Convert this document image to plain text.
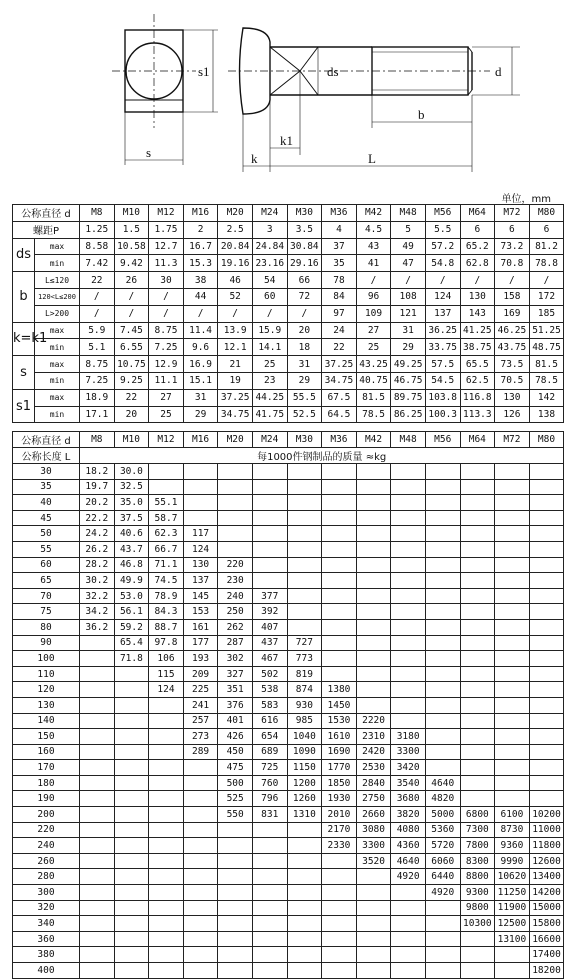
s
s1	ds	d
b
k
k1
L
单位，mm
公称直径 d		M8	M10	M12	M16	M20	M24	M30	M36	M42	M48	M56	M64	M72	M80
螺距P		1.25	1.5	1.75	2	2.5	3	3.5	4	4.5	5	5.5	6	6	6
ds	max	8.58	10.58	12.7	16.7	20.84	24.84	30.84	37	43	49	57.2	65.2	73.2	81.2
	min	7.42	9.42	11.3	15.3	19.16	23.16	29.16	35	41	47	54.8	62.8	70.8	78.8
b	L≤120	22	26	30	38	46	54	66	78	/	/	/	/	/	/
	120<L≤200	/	/	/	44	52	60	72	84	96	108	124	130	158	172
	L>200	/	/	/	/	/	/	/	97	109	121	137	143	169	185
k=k1	max	5.9	7.45	8.75	11.4	13.9	15.9	20	24	27	31	36.25	41.25	46.25	51.25
	min	5.1	6.55	7.25	9.6	12.1	14.1	18	22	25	29	33.75	38.75	43.75	48.75
s	max	8.75	10.75	12.9	16.9	21	25	31	37.25	43.25	49.25	57.5	65.5	73.5	81.5
	min	7.25	9.25	11.1	15.1	19	23	29	34.75	40.75	46.75	54.5	62.5	70.5	78.5
s1	max	18.9	22	27	31	37.25	44.25	55.5	67.5	81.5	89.75	103.8	116.8	130	142
	min	17.1	20	25	29	34.75	41.75	52.5	64.5	78.5	86.25	100.3	113.3	126	138
公称直径 d	M8	M10	M12	M16	M20	M24	M30	M36	M42	M48	M56	M64	M72	M80
公称长度 L	每1000件钢制品的质量 ≈kg													
30	18.2	30.0												
35	19.7	32.5												
40	20.2	35.0	55.1											
45	22.2	37.5	58.7											
50	24.2	40.6	62.3	117										
55	26.2	43.7	66.7	124										
60	28.2	46.8	71.1	130	220									
65	30.2	49.9	74.5	137	230									
70	32.2	53.0	78.9	145	240	377								
75	34.2	56.1	84.3	153	250	392								
80	36.2	59.2	88.7	161	262	407								
90		65.4	97.8	177	287	437	727							
100		71.8	106	193	302	467	773							
110			115	209	327	502	819							
120			124	225	351	538	874	1380						
130				241	376	583	930	1450						
140				257	401	616	985	1530	2220					
150				273	426	654	1040	1610	2310	3180				
160				289	450	689	1090	1690	2420	3300				
170					475	725	1150	1770	2530	3420				
180					500	760	1200	1850	2840	3540	4640			
190					525	796	1260	1930	2750	3680	4820			
200					550	831	1310	2010	2660	3820	5000	6800	6100	10200
220								2170	3080	4080	5360	7300	8730	11000
240								2330	3300	4360	5720	7800	9360	11800
260									3520	4640	6060	8300	9990	12600
280										4920	6440	8800	10620	13400
300											4920	9300	11250	14200
320												9800	11900	15000
340												10300	12500	15800
360													13100	16600
380														17400
400														18200
